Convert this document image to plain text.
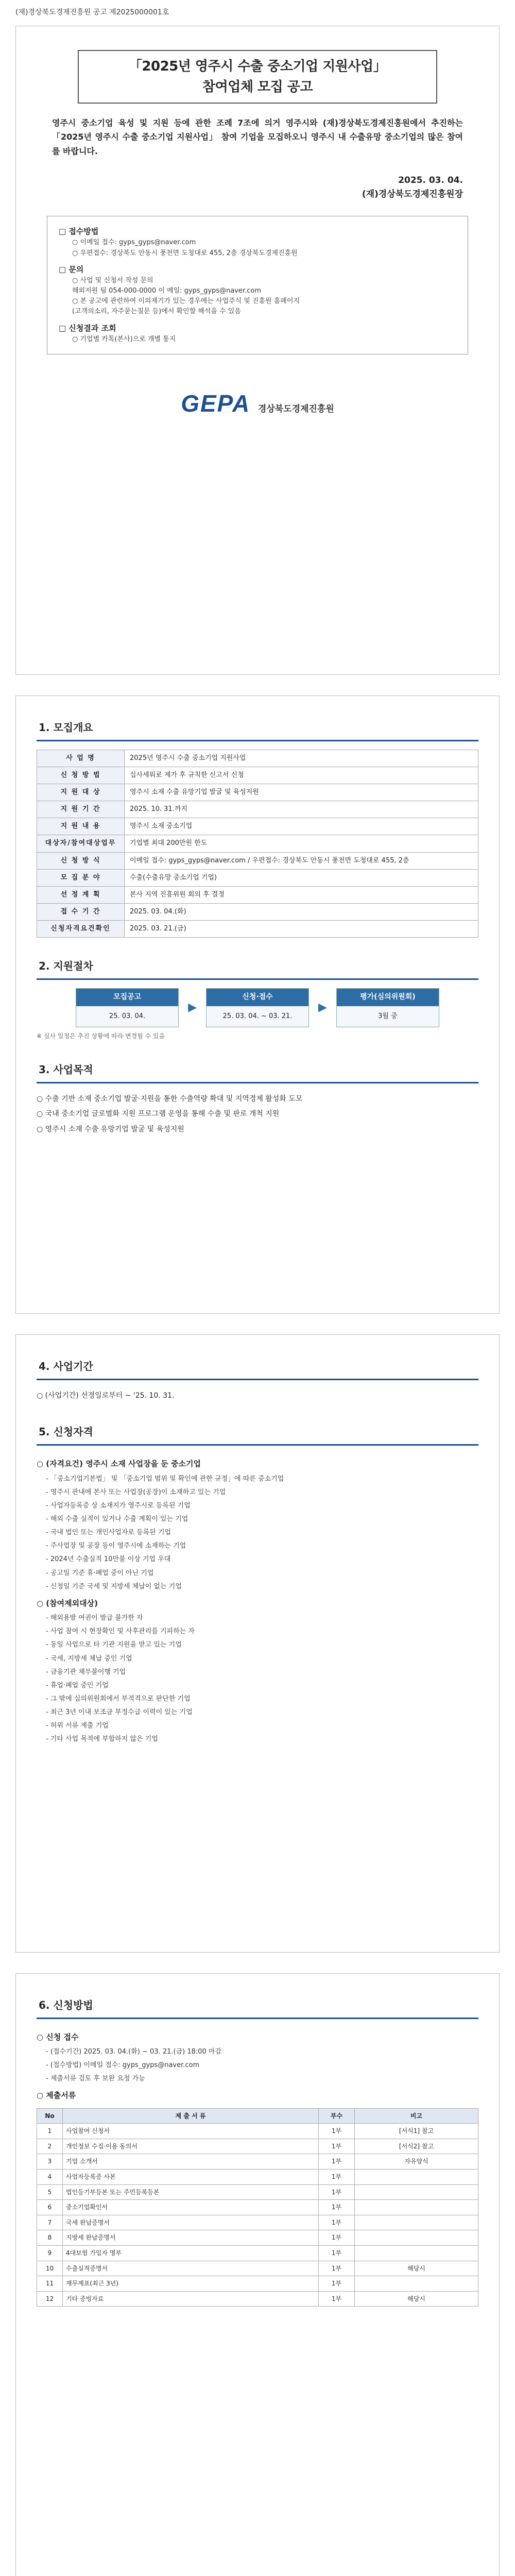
(재)경상북도경제진흥원 공고 제2025000001호
「2025년 영주시 수출 중소기업 지원사업」
참여업체 모집 공고
영주시 중소기업 육성 및 지원 등에 관한 조례 7조에 의거 영주시와 (재)경상북도경제진흥원에서 추진하는 「2025년 영주시 수출 중소기업 지원사업」 참여 기업을 모집하오니 영주시 내 수출유망 중소기업의 많은 참여를 바랍니다.
2025. 03. 04.
(재)경상북도경제진흥원장
□ 접수방법
○ 이메일 접수: gyps_gyps@naver.com
○ 우편접수: 경상북도 안동시 풍천면 도청대로 455, 2층 경상북도경제진흥원
□ 문의
○ 사업 및 신청서 작성 문의
해외지원 팀 054-000-0000 이 메일: gyps_gyps@naver.com
○ 본 공고에 관련하여 이의제기가 있는 경우에는 사업주식 및 진흥원 홈페이지
(고객의소리, 자주묻는질문 등)에서 확인할 해석을 수 있음
□ 신청결과 조회
○ 기업별 카톡(본사)으로 개별 통지
GEPA 경상북도경제진흥원
1. 모집개요
사 업 명	2025년 영주시 수출 중소기업 지원사업
신 청 방 법	십사세워로 제가 후 규칙한 신고서 신청
지 원 대 상	영주시 소재 수출 유망기업 발굴 및 육성지원
지 원 기 간	2025. 10. 31.까지
지 원 내 용	영주시 소재 중소기업
대상자/참여대상업무	기업별 최대 200만원 한도
신 청 방 식	이메일 접수: gyps_gyps@naver.com / 우편접수: 경상북도 안동시 풍천면 도청대로 455, 2층
모 집 분 야	수출(수출유망 중소기업 기업)
선 정 계 획	본사 지역 진흥위원 회의 후 결정
접 수 기 간	2025. 03. 04.(화)
신청자격요건확인	2025. 03. 21.(금)
2. 지원절차
모집공고
25. 03. 04.
▶
신청·접수
25. 03. 04. ~ 03. 21.
▶
평가(심의위원회)
3월 중
※ 심사 일정은 추진 상황에 따라 변경될 수 있음
3. 사업목적
○ 수출 기반 소재 중소기업 발굴·지원을 통한 수출역량 확대 및 지역경제 활성화 도모
○ 국내 중소기업 글로벌화 지원 프로그램 운영을 통해 수출 및 판로 개척 지원
○ 영주시 소재 수출 유망기업 발굴 및 육성지원
4. 사업기간
○ (사업기간) 선정일로부터 ~ '25. 10. 31.
5. 신청자격
○ (자격요건) 영주시 소재 사업장을 둔 중소기업
- 「중소기업기본법」 및 「중소기업 범위 및 확인에 관한 규정」에 따른 중소기업
- 영주시 관내에 본사 또는 사업장(공장)이 소재하고 있는 기업
- 사업자등록증 상 소재지가 영주시로 등록된 기업
- 해외 수출 실적이 있거나 수출 계획이 있는 기업
- 국내 법인 또는 개인사업자로 등록된 기업
- 주사업장 및 공장 등이 영주시에 소재하는 기업
- 2024년 수출실적 10만불 이상 기업 우대
- 공고일 기준 휴·폐업 중이 아닌 기업
- 신청일 기준 국세 및 지방세 체납이 없는 기업
○ (참여제외대상)
- 해외용발 여권이 발급 불가한 자
- 사업 참여 시 현장확인 및 사후관리를 기피하는 자
- 동일 사업으로 타 기관 지원을 받고 있는 기업
- 국세, 지방세 체납 중인 기업
- 금융기관 채무불이행 기업
- 휴업·폐업 중인 기업
- 그 밖에 심의위원회에서 부적격으로 판단한 기업
- 최근 3년 이내 보조금 부정수급 이력이 있는 기업
- 허위 서류 제출 기업
- 기타 사업 목적에 부합하지 않은 기업
6. 신청방법
○ 신청 접수
- (접수기간) 2025. 03. 04.(화) ~ 03. 21.(금) 18:00 마감
- (접수방법) 이메일 접수: gyps_gyps@naver.com
- 제출서류 검토 후 보완 요청 가능
○ 제출서류
No	제 출 서 류	부수	비고
1	사업참여 신청서	1부	[서식1] 참고
2	개인정보 수집·이용 동의서	1부	[서식2] 참고
3	기업 소개서	1부	자유양식
4	사업자등록증 사본	1부	
5	법인등기부등본 또는 주민등록등본	1부	
6	중소기업확인서	1부	
7	국세 완납증명서	1부	
8	지방세 완납증명서	1부	
9	4대보험 가입자 명부	1부	
10	수출실적증명서	1부	해당시
11	재무제표(최근 3년)	1부	
12	기타 증빙자료	1부	해당시
